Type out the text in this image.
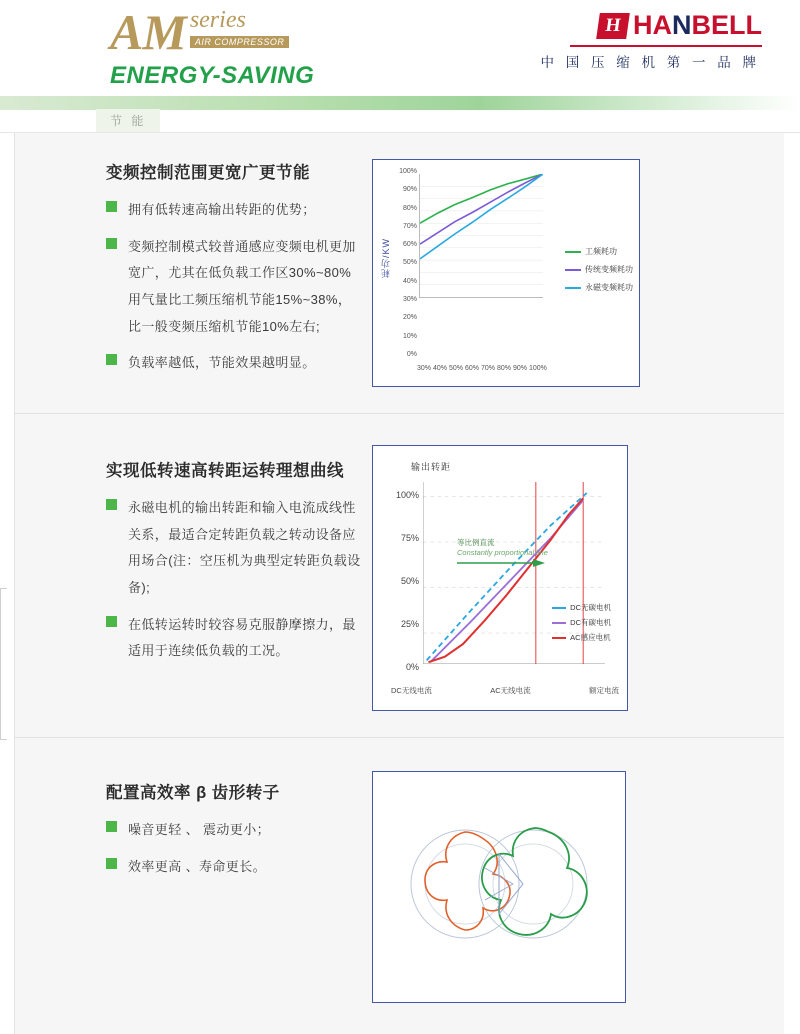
AM series
AIR COMPRESSOR
ENERGY-SAVING
H HANBELL
中 国 压 缩 机 第 一 品 牌
节 能
变频控制范围更宽广更节能
拥有低转速高输出转距的优势；
变频控制模式较普通感应变频电机更加宽广，尤其在低负载工作区30%~80%用气量比工频压缩机节能15%~38%，比一般变频压缩机节能10%左右;
负载率越低，节能效果越明显。
耗功/KW
100%
90%
80%
70%
60%
50%
40%
30%
20%
10%
0%
30% 40% 50% 60% 70% 80% 90% 100%
工频耗功
传统变频耗功
永磁变频耗功
实现低转速高转距运转理想曲线
永磁电机的输出转距和输入电流成线性关系，最适合定转距负载之转动设备应用场合(注：空压机为典型定转距负载设备);
在低转运转时较容易克服静摩擦力，最适用于连续低负载的工况。
输出转距
100%
75%
50%
25%
0%
等比例直流
Constantly proportional line
DC无碳电机
DC有碳电机
AC感应电机
DC无线电流	AC无线电流	额定电流
配置高效率 β 齿形转子
噪音更轻 、 震动更小；
效率更高 、寿命更长。
